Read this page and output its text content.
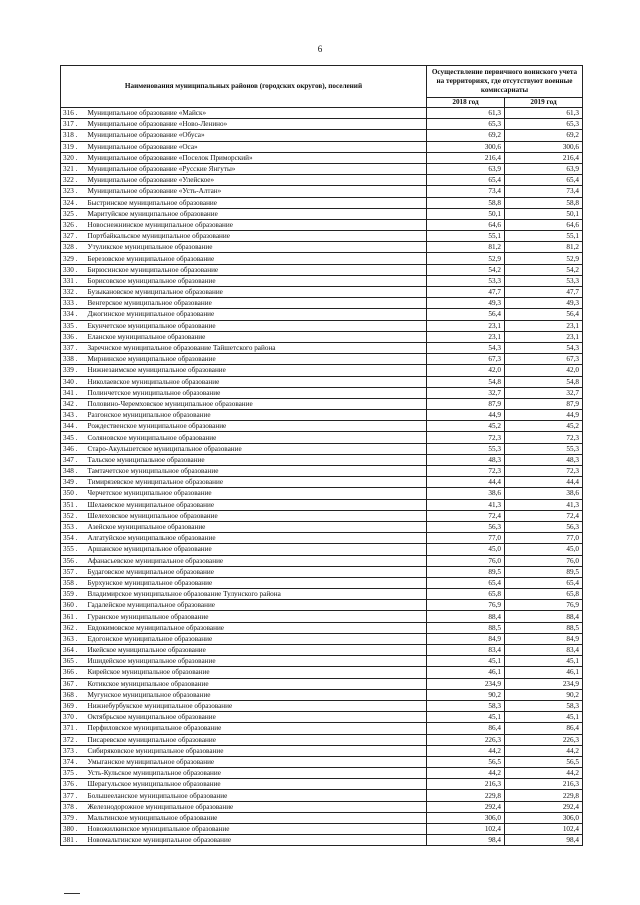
6
Наименования муниципальных районов (городских округов), поселений		Осуществление первичного воинского учета на территориях, где отсутствуют военные комиссариаты	
		2018 год	2019 год
316 .	Муниципальное образование «Майск»	61,3	61,3
317 .	Муниципальное образование «Ново-Ленино»	65,3	65,3
318 .	Муниципальное образование «Обуса»	69,2	69,2
319 .	Муниципальное образование «Оса»	300,6	300,6
320 .	Муниципальное образование «Поселок Приморский»	216,4	216,4
321 .	Муниципальное образование «Русские Янгуты»	63,9	63,9
322 .	Муниципальное образование «Улейское»	65,4	65,4
323 .	Муниципальное образование «Усть-Алтан»	73,4	73,4
324 .	Быстринское муниципальное образование	58,8	58,8
325 .	Маритуйское муниципальное образование	50,1	50,1
326 .	Новоснежнинское муниципальное образование	64,6	64,6
327 .	Портбайкальское муниципальное образование	55,1	55,1
328 .	Утуликское муниципальное образование	81,2	81,2
329 .	Березовское муниципальное образование	52,9	52,9
330 .	Бирюсинское муниципальное образование	54,2	54,2
331 .	Борисовское муниципальное образование	53,3	53,3
332 .	Бузыкановское муниципальное образование	47,7	47,7
333 .	Венгерское муниципальное образование	49,3	49,3
334 .	Джогинское муниципальное образование	56,4	56,4
335 .	Екунчетское муниципальное образование	23,1	23,1
336 .	Еланское муниципальное образование	23,1	23,1
337 .	Заречнское муниципальное образование Тайшетского района	54,3	54,3
338 .	Мирнинское муниципальное образование	67,3	67,3
339 .	Нижнезаимское муниципальное образование	42,0	42,0
340 .	Николаевское муниципальное образование	54,8	54,8
341 .	Полинчетское муниципальное образование	32,7	32,7
342 .	Половино-Черемховское муниципальное образование	87,9	87,9
343 .	Разгонское муниципальное образование	44,9	44,9
344 .	Рождественское муниципальное образование	45,2	45,2
345 .	Соляновское муниципальное образование	72,3	72,3
346 .	Старо-Акульшетское муниципальное образование	55,3	55,3
347 .	Тальское муниципальное образование	48,3	48,3
348 .	Тамтачетское муниципальное образование	72,3	72,3
349 .	Тимирязевское муниципальное образование	44,4	44,4
350 .	Черчетское муниципальное образование	38,6	38,6
351 .	Шелаевское муниципальное образование	41,3	41,3
352 .	Шелеховское муниципальное образование	72,4	72,4
353 .	Азейское муниципальное образование	56,3	56,3
354 .	Алгатуйское муниципальное образование	77,0	77,0
355 .	Аршанское муниципальное образование	45,0	45,0
356 .	Афанасьевское муниципальное образование	76,0	76,0
357 .	Будаговское муниципальное образование	89,5	89,5
358 .	Бурхунское муниципальное образование	65,4	65,4
359 .	Владимирское муниципальное образование Тулунского района	65,8	65,8
360 .	Гадалейское муниципальное образование	76,9	76,9
361 .	Гуранское муниципальное образование	88,4	88,4
362 .	Евдокимовское муниципальное образование	88,5	88,5
363 .	Едогонское муниципальное образование	84,9	84,9
364 .	Икейское муниципальное образование	83,4	83,4
365 .	Ишидейское муниципальное образование	45,1	45,1
366 .	Кирейское муниципальное образование	46,1	46,1
367 .	Котикское муниципальное образование	234,9	234,9
368 .	Мугунское муниципальное образование	90,2	90,2
369 .	Нижнебурбукское муниципальное образование	58,3	58,3
370 .	Октябрьское муниципальное образование	45,1	45,1
371 .	Перфиловское муниципальное образование	86,4	86,4
372 .	Писаревское муниципальное образование	226,3	226,3
373 .	Сибиряковское муниципальное образование	44,2	44,2
374 .	Умыганское муниципальное образование	56,5	56,5
375 .	Усть-Кульское муниципальное образование	44,2	44,2
376 .	Шерагульское муниципальное образование	216,3	216,3
377 .	Большееланское муниципальное образование	229,8	229,8
378 .	Железнодорожное муниципальное образование	292,4	292,4
379 .	Мальтинское муниципальное образование	306,0	306,0
380 .	Новожилкинское муниципальное образование	102,4	102,4
381 .	Новомальтинское муниципальное образование	98,4	98,4
